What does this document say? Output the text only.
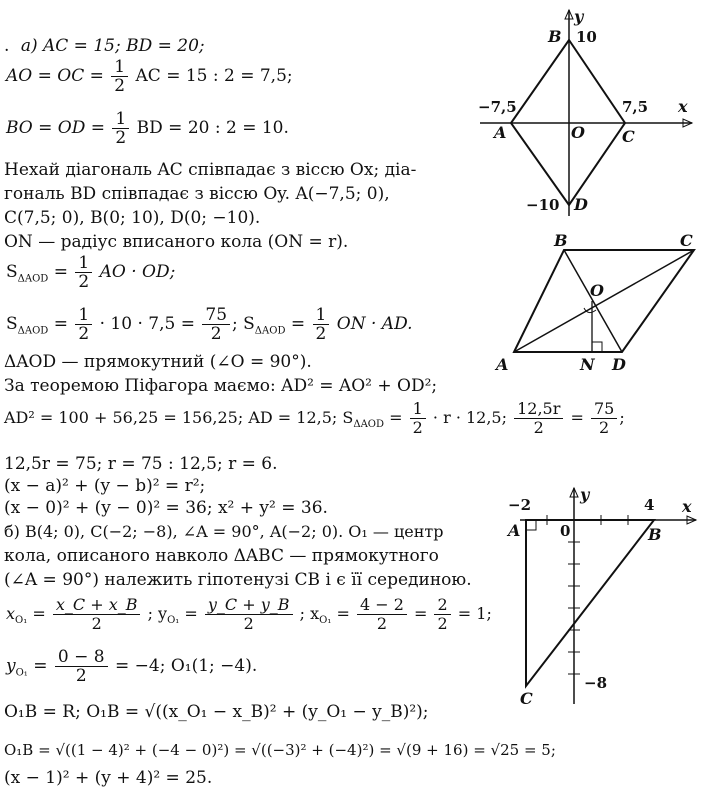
. а) AC = 15; BD = 20;
AO = OC = $\frac{1}{2}$ AC = 15 : 2 = 7,5;
BO = OD = $\frac{1}{2}$ BD = 20 : 2 = 10.
Нехай діагональ AC співпадає з віссю Ox; діа-
гональ BD співпадає з віссю Oy. A(−7,5; 0),
C(7,5; 0), B(0; 10), D(0; −10).
ON — радіус вписаного кола (ON = r).
$S_{\Delta AOD} = \frac{1}{2}$ AO · OD;
$S_{\Delta AOD} = \frac{1}{2} \cdot 10 \cdot 7,5 = \frac{75}{2}$ ; $S_{\Delta AOD} = \frac{1}{2}$ ON · AD.
ΔAOD — прямокутний (∠O = 90°).
За теоремою Піфагора маємо: AD² = AO² + OD²;
AD² = 100 + 56,25 = 156,25; AD = 12,5; $S_{\Delta AOD} = \frac{1}{2} \cdot r \cdot 12,5$; $\frac{12,5r}{2} = \frac{75}{2}$ ;
12,5r = 75; r = 75 : 12,5; r = 6.
(x − a)² + (y − b)² = r²;
(x − 0)² + (y − 0)² = 36; x² + y² = 36.
б) B(4; 0), C(−2; −8), ∠A = 90°, A(−2; 0). O₁ — центр
кола, описаного навколо ΔABC — прямокутного
(∠A = 90°) належить гіпотенузі CB і є її серединою.
$x_{O_1} = \frac{x\_C + x\_B}{2}$ ; $y_{O_1} = \frac{y\_C + y\_B}{2}$ ; $x_{O_1} = \frac{4 - 2}{2} = \frac{2}{2} = 1$;
$y_{O_1} = \frac{0 - 8}{2} = -4$; O₁(1; −4).
O₁B = R; O₁B = √((x_O₁ − x_B)² + (y_O₁ − y_B)²);
O₁B = √((1 − 4)² + (−4 − 0)²) = √((−3)² + (−4)²) = √(9 + 16) = √25 = 5;
(x − 1)² + (y + 4)² = 25.
y
x
B 10
−7,5	7,5
A	O C
−10 D
B	C
O
A	N D
y
x
−2	4
A	0	B
−8
C
